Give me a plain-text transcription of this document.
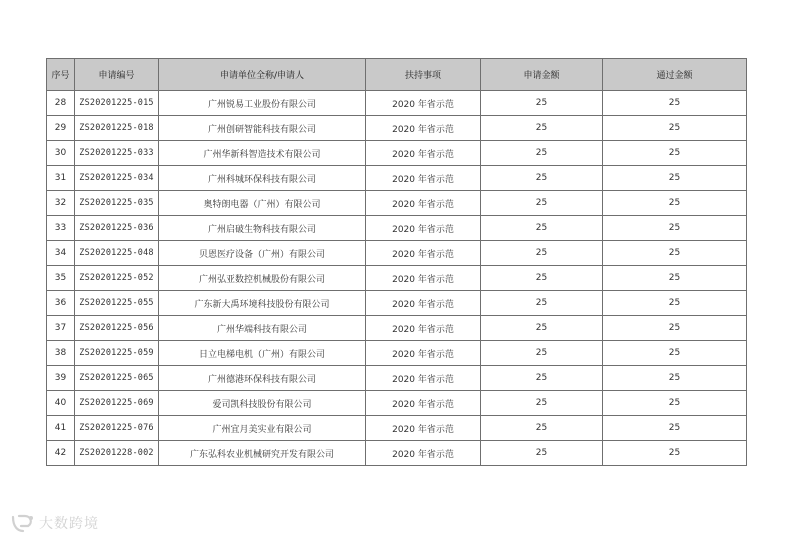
序号	申请编号	申请单位全称/申请人	扶持事项	申请金额	通过金额
28	ZS20201225-015	广州锐易工业股份有限公司	2020 年省示范	25	25
29	ZS20201225-018	广州创研智能科技有限公司	2020 年省示范	25	25
30	ZS20201225-033	广州华新科智造技术有限公司	2020 年省示范	25	25
31	ZS20201225-034	广州科城环保科技有限公司	2020 年省示范	25	25
32	ZS20201225-035	奥特朗电器（广州）有限公司	2020 年省示范	25	25
33	ZS20201225-036	广州启破生物科技有限公司	2020 年省示范	25	25
34	ZS20201225-048	贝恩医疗设备（广州）有限公司	2020 年省示范	25	25
35	ZS20201225-052	广州弘亚数控机械股份有限公司	2020 年省示范	25	25
36	ZS20201225-055	广东新大禹环境科技股份有限公司	2020 年省示范	25	25
37	ZS20201225-056	广州华端科技有限公司	2020 年省示范	25	25
38	ZS20201225-059	日立电梯电机（广州）有限公司	2020 年省示范	25	25
39	ZS20201225-065	广州德港环保科技有限公司	2020 年省示范	25	25
40	ZS20201225-069	爱司凯科技股份有限公司	2020 年省示范	25	25
41	ZS20201225-076	广州宜月美实业有限公司	2020 年省示范	25	25
42	ZS20201228-002	广东弘科农业机械研究开发有限公司	2020 年省示范	25	25
大数跨境
